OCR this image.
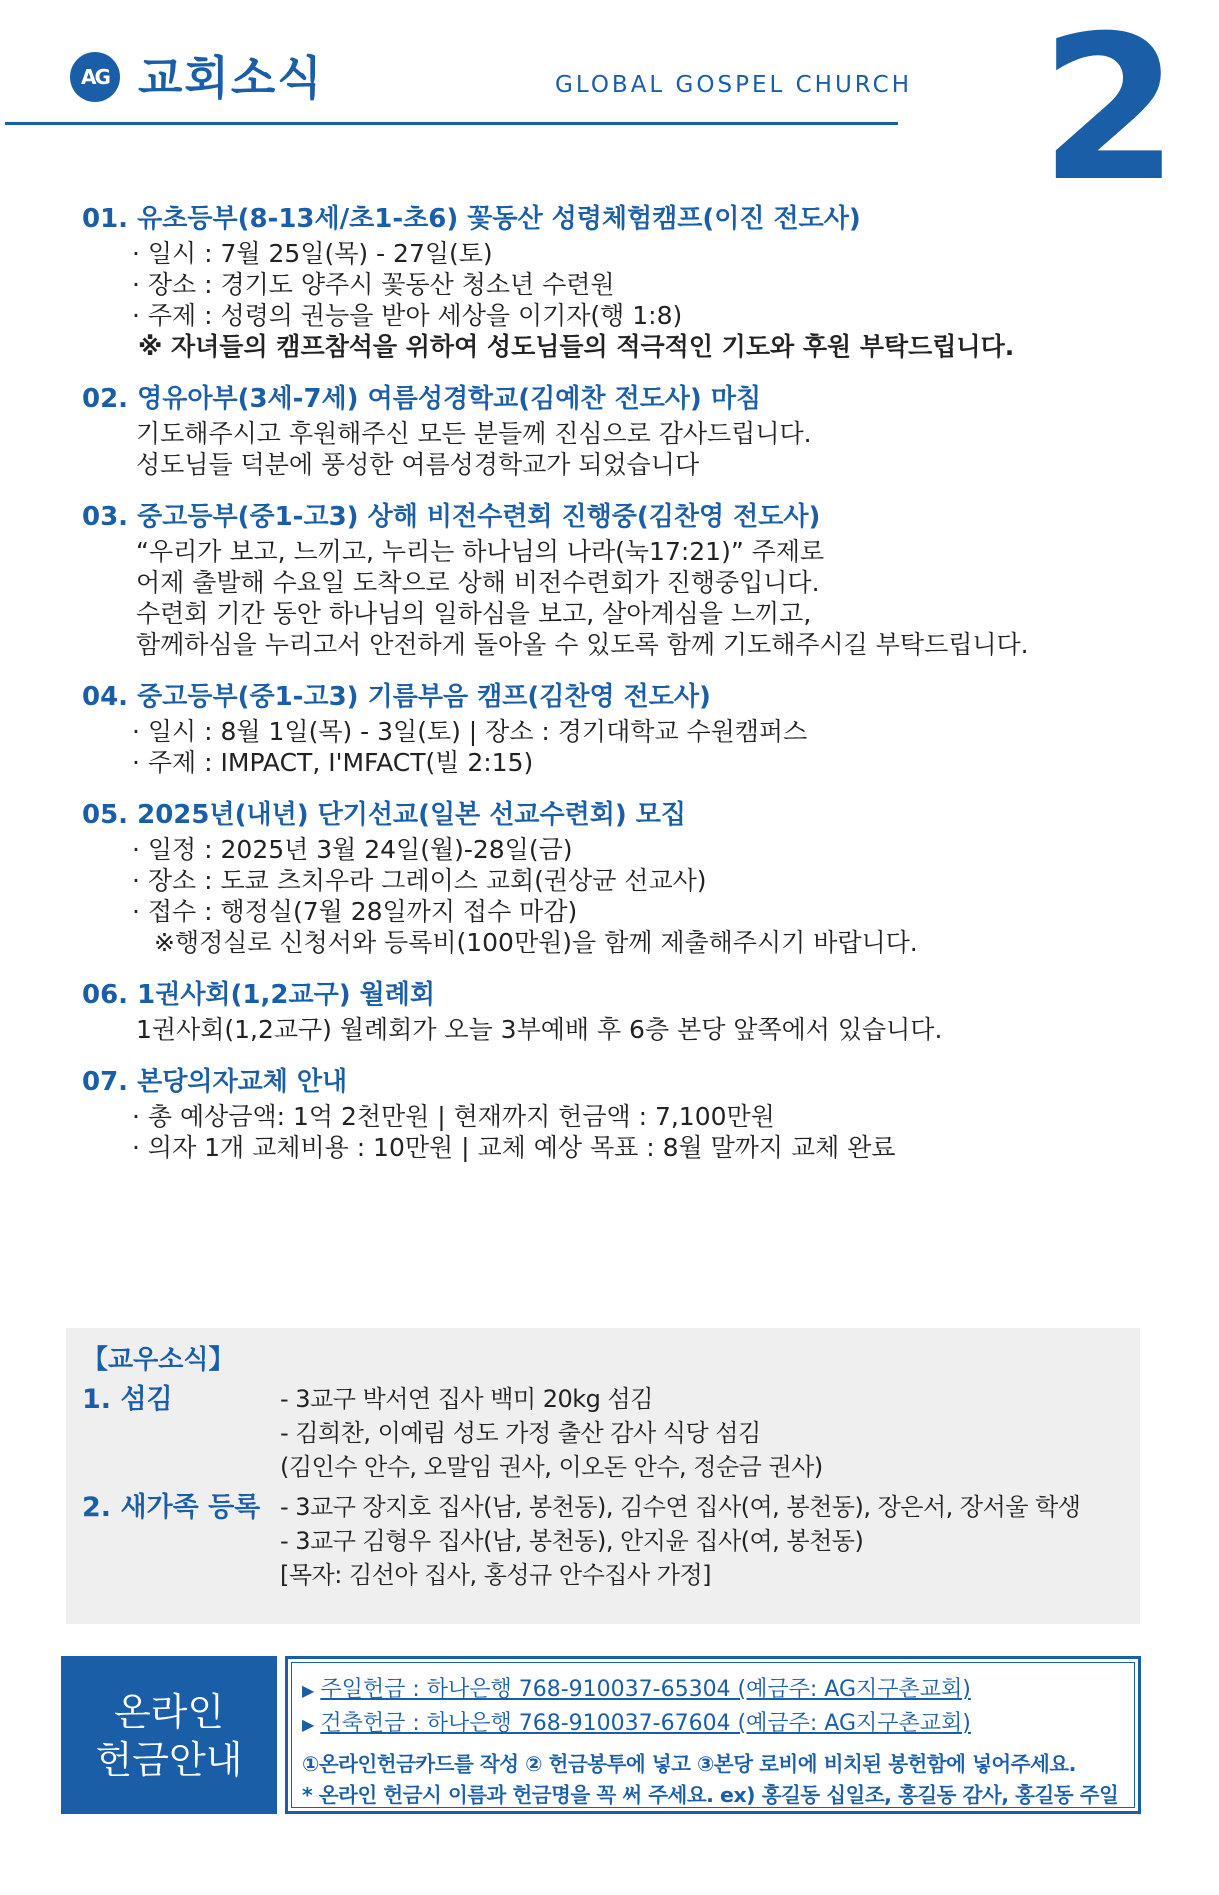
AG 교회소식	GLOBAL GOSPEL CHURCH 2
01. 유초등부(8-13세/초1-초6) 꽃동산 성령체험캠프(이진 전도사)
· 일시 : 7월 25일(목) - 27일(토)
· 장소 : 경기도 양주시 꽃동산 청소년 수련원
· 주제 : 성령의 권능을 받아 세상을 이기자(행 1:8)
※ 자녀들의 캠프참석을 위하여 성도님들의 적극적인 기도와 후원 부탁드립니다.
02. 영유아부(3세-7세) 여름성경학교(김예찬 전도사) 마침
기도해주시고 후원해주신 모든 분들께 진심으로 감사드립니다.
성도님들 덕분에 풍성한 여름성경학교가 되었습니다
03. 중고등부(중1-고3) 상해 비전수련회 진행중(김찬영 전도사)
“우리가 보고, 느끼고, 누리는 하나님의 나라(눅17:21)” 주제로
어제 출발해 수요일 도착으로 상해 비전수련회가 진행중입니다.
수련회 기간 동안 하나님의 일하심을 보고, 살아계심을 느끼고,
함께하심을 누리고서 안전하게 돌아올 수 있도록 함께 기도해주시길 부탁드립니다.
04. 중고등부(중1-고3) 기름부음 캠프(김찬영 전도사)
· 일시 : 8월 1일(목) - 3일(토) | 장소 : 경기대학교 수원캠퍼스
· 주제 : IMPACT, I'MFACT(빌 2:15)
05. 2025년(내년) 단기선교(일본 선교수련회) 모집
· 일정 : 2025년 3월 24일(월)-28일(금)
· 장소 : 도쿄 츠치우라 그레이스 교회(권상균 선교사)
· 접수 : 행정실(7월 28일까지 접수 마감)
※행정실로 신청서와 등록비(100만원)을 함께 제출해주시기 바랍니다.
06. 1권사회(1,2교구) 월례회
1권사회(1,2교구) 월례회가 오늘 3부예배 후 6층 본당 앞쪽에서 있습니다.
07. 본당의자교체 안내
· 총 예상금액: 1억 2천만원 | 현재까지 헌금액 : 7,100만원
· 의자 1개 교체비용 : 10만원 | 교체 예상 목표 : 8월 말까지 교체 완료
【교우소식】
1. 섬김	- 3교구 박서연 집사 백미 20kg 섬김
- 김희찬, 이예림 성도 가정 출산 감사 식당 섬김
(김인수 안수, 오말임 권사, 이오돈 안수, 정순금 권사)
2. 새가족 등록 - 3교구 장지호 집사(남, 봉천동), 김수연 집사(여, 봉천동), 장은서, 장서울 학생
- 3교구 김형우 집사(남, 봉천동), 안지윤 집사(여, 봉천동)
[목자: 김선아 집사, 홍성규 안수집사 가정]
온라인
헌금안내
▶ 주일헌금 : 하나은행 768-910037-65304 (예금주: AG지구촌교회)
▶ 건축헌금 : 하나은행 768-910037-67604 (예금주: AG지구촌교회)
①온라인헌금카드를 작성 ② 헌금봉투에 넣고 ③본당 로비에 비치된 봉헌함에 넣어주세요.
* 온라인 헌금시 이름과 헌금명을 꼭 써 주세요. ex) 홍길동 십일조, 홍길동 감사, 홍길동 주일
